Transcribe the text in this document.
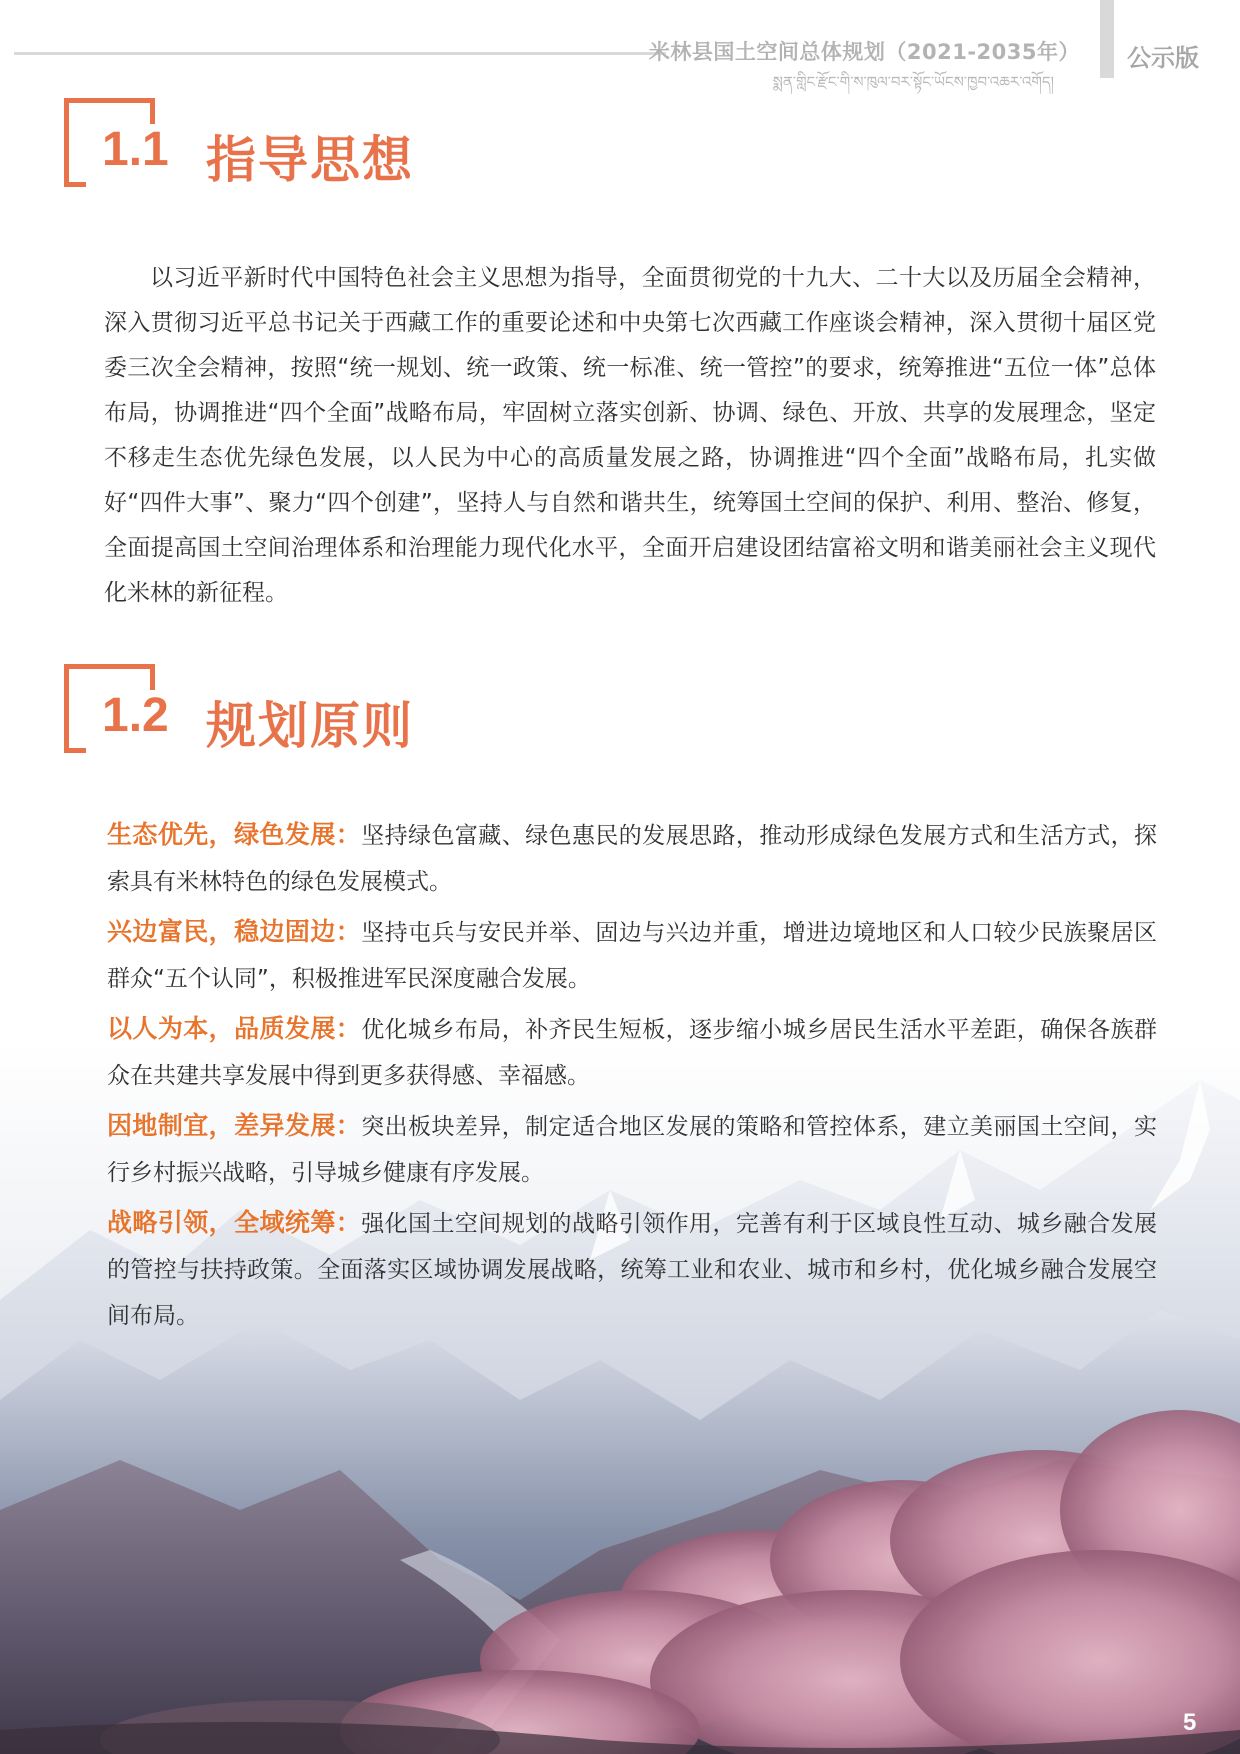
米林县国土空间总体规划（2021-2035年）
སྨན་གླིང་རྫོང་གི་ས་ཁུལ་བར་སྟོང་ཡོངས་ཁྱབ་འཆར་འགོད།
公示版
1.1 指导思想

以习近平新时代中国特色社会主义思想为指导，全面贯彻党的十九大、二十大以及历届全会精神，深入贯彻习近平总书记关于西藏工作的重要论述和中央第七次西藏工作座谈会精神，深入贯彻十届区党委三次全会精神，按照“统一规划、统一政策、统一标准、统一管控”的要求，统筹推进“五位一体”总体布局，协调推进“四个全面”战略布局，牢固树立落实创新、协调、绿色、开放、共享的发展理念，坚定不移走生态优先绿色发展，以人民为中心的高质量发展之路，协调推进“四个全面”战略布局，扎实做好“四件大事”、聚力“四个创建”，坚持人与自然和谐共生，统筹国土空间的保护、利用、整治、修复，全面提高国土空间治理体系和治理能力现代化水平，全面开启建设团结富裕文明和谐美丽社会主义现代化米林的新征程。

1.2 规划原则
生态优先，绿色发展：坚持绿色富藏、绿色惠民的发展思路，推动形成绿色发展方式和生活方式，探索具有米林特色的绿色发展模式。
兴边富民，稳边固边：坚持屯兵与安民并举、固边与兴边并重，增进边境地区和人口较少民族聚居区群众“五个认同”，积极推进军民深度融合发展。
以人为本，品质发展：优化城乡布局，补齐民生短板，逐步缩小城乡居民生活水平差距，确保各族群众在共建共享发展中得到更多获得感、幸福感。
因地制宜，差异发展：突出板块差异，制定适合地区发展的策略和管控体系，建立美丽国土空间，实行乡村振兴战略，引导城乡健康有序发展。
战略引领，全域统筹：强化国土空间规划的战略引领作用，完善有利于区域良性互动、城乡融合发展的管控与扶持政策。全面落实区域协调发展战略，统筹工业和农业、城市和乡村，优化城乡融合发展空间布局。
5
